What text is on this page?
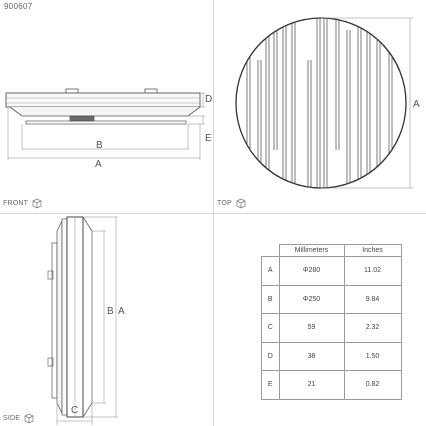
900607
D
E
B
A
FRONT
A
TOP
B A
C
SIDE
	Millimeters	Inches
A	Φ280	11.02
B	Φ250	9.84
C	59	2.32
D	38	1.50
E	21	0.82
